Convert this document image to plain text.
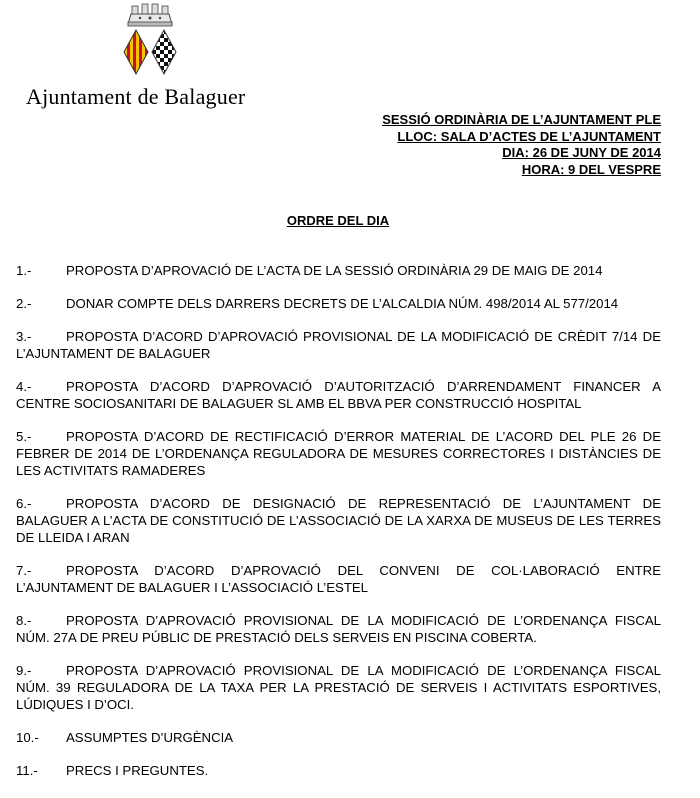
Ajuntament de Balaguer
SESSIÓ ORDINÀRIA DE L’AJUNTAMENT PLE
LLOC: SALA D’ACTES DE L’AJUNTAMENT
DIA: 26 DE JUNY DE 2014
HORA: 9 DEL VESPRE
ORDRE DEL DIA
1.-	PROPOSTA D’APROVACIÓ DE L’ACTA DE LA SESSIÓ ORDINÀRIA 29 DE MAIG DE 2014
2.-	DONAR COMPTE DELS DARRERS DECRETS DE L’ALCALDIA NÚM. 498/2014 AL 577/2014
3.-	PROPOSTA D’ACORD D’APROVACIÓ PROVISIONAL DE LA MODIFICACIÓ DE CRÈDIT 7/14 DE L’AJUNTAMENT DE BALAGUER
4.-	PROPOSTA D’ACORD D’APROVACIÓ D’AUTORITZACIÓ D’ARRENDAMENT FINANCER A CENTRE SOCIOSANITARI DE BALAGUER SL AMB EL BBVA PER CONSTRUCCIÓ HOSPITAL
5.-	PROPOSTA D’ACORD DE RECTIFICACIÓ D’ERROR MATERIAL DE L’ACORD DEL PLE 26 DE FEBRER DE 2014 DE L’ORDENANÇA REGULADORA DE MESURES CORRECTORES I DISTÀNCIES DE LES ACTIVITATS RAMADERES
6.-	PROPOSTA D’ACORD DE DESIGNACIÓ DE REPRESENTACIÓ DE L’AJUNTAMENT DE BALAGUER A L’ACTA DE CONSTITUCIÓ DE L’ASSOCIACIÓ DE LA XARXA DE MUSEUS DE LES TERRES DE LLEIDA I ARAN
7.-	PROPOSTA D’ACORD D’APROVACIÓ DEL CONVENI DE COL·LABORACIÓ ENTRE L’AJUNTAMENT DE BALAGUER I L’ASSOCIACIÓ L’ESTEL
8.-	PROPOSTA D’APROVACIÓ PROVISIONAL DE LA MODIFICACIÓ DE L’ORDENANÇA FISCAL NÚM. 27A DE PREU PÚBLIC DE PRESTACIÓ DELS SERVEIS EN PISCINA COBERTA.
9.-	PROPOSTA D’APROVACIÓ PROVISIONAL DE LA MODIFICACIÓ DE L’ORDENANÇA FISCAL NÚM. 39 REGULADORA DE LA TAXA PER LA PRESTACIÓ DE SERVEIS I ACTIVITATS ESPORTIVES, LÚDIQUES I D’OCI.
10.- ASSUMPTES D’URGÈNCIA
11.- PRECS I PREGUNTES.
